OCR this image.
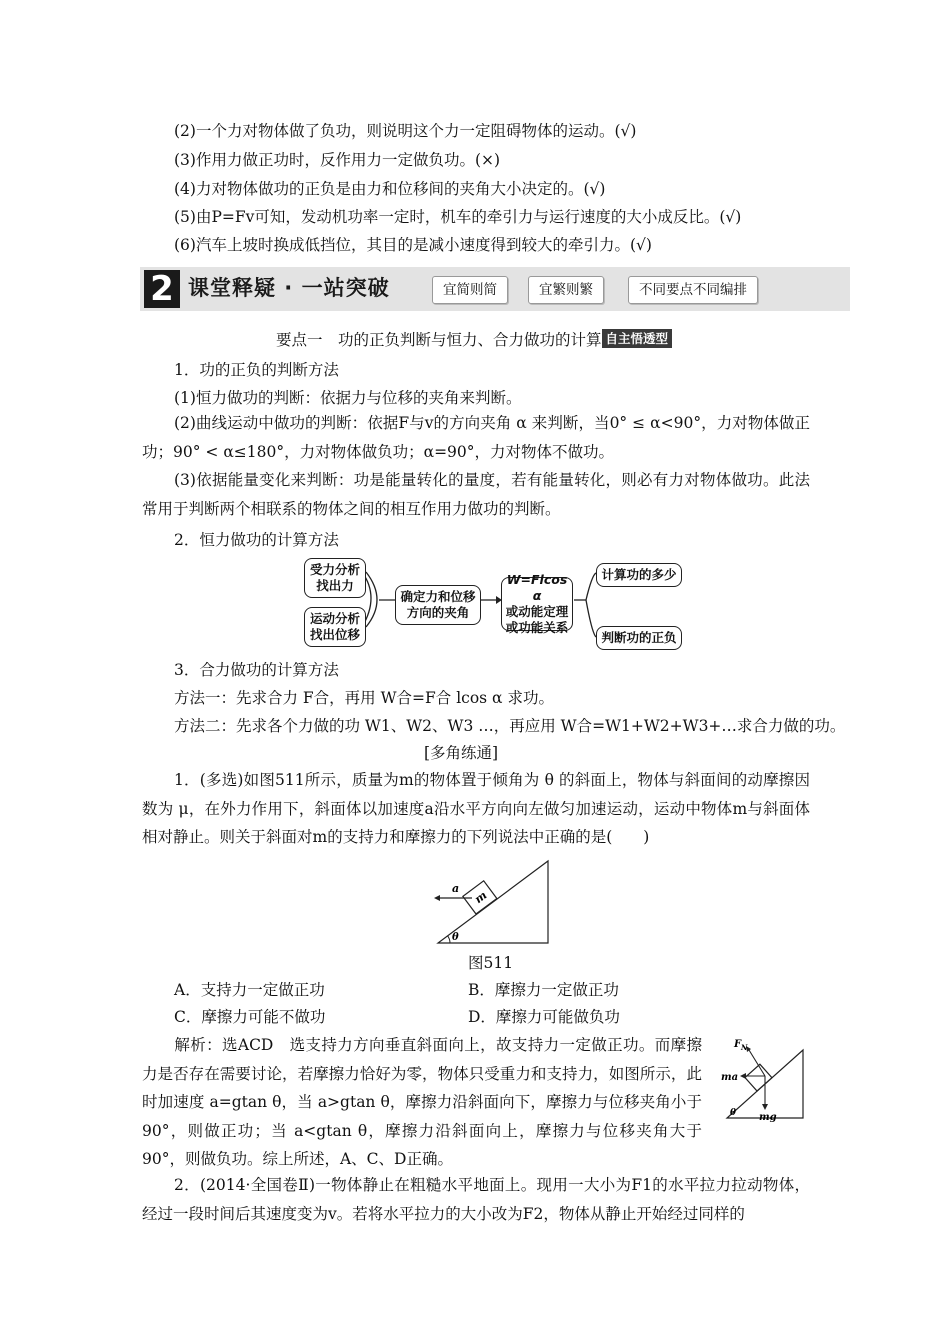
(2)一个力对物体做了负功，则说明这个力一定阻碍物体的运动。(√)
(3)作用力做正功时，反作用力一定做负功。(×)
(4)力对物体做功的正负是由力和位移间的夹角大小决定的。(√)
(5)由P=Fv可知，发动机功率一定时，机车的牵引力与运行速度的大小成反比。(√)
(6)汽车上坡时换成低挡位，其目的是减小速度得到较大的牵引力。(√)
2 课堂释疑 · 一站突破	宜简则简	宜繁则繁	不同要点不同编排
要点一　功的正负判断与恒力、合力做功的计算 自主悟透型
1．功的正负的判断方法
(1)恒力做功的判断：依据力与位移的夹角来判断。
(2)曲线运动中做功的判断：依据F与v的方向夹角 α 来判断，当0° ≤ α<90°，力对物体做正功；90° < α≤180°，力对物体做负功；α=90°，力对物体不做功。
(3)依据能量变化来判断：功是能量转化的量度，若有能量转化，则必有力对物体做功。此法常用于判断两个相联系的物体之间的相互作用力做功的判断。
2．恒力做功的计算方法
受力分析
找出力
运动分析
找出位移
确定力和位移
方向的夹角
W=Flcos α
或动能定理
或功能关系
计算功的多少
判断功的正负
3．合力做功的计算方法
方法一：先求合力 F合，再用 W合=F合 lcos α 求功。
方法二：先求各个力做的功 W1、W2、W3 …，再应用 W合=W1+W2+W3+…求合力做的功。
[多角练通]
1．(多选)如图511所示，质量为m的物体置于倾角为 θ 的斜面上，物体与斜面间的动摩擦因数为 μ，在外力作用下，斜面体以加速度a沿水平方向向左做匀加速运动，运动中物体m与斜面体相对静止。则关于斜面对m的支持力和摩擦力的下列说法中正确的是(　　)
m
a
θ
图511
A．支持力一定做正功	B．摩擦力一定做正功
C．摩擦力可能不做功	D．摩擦力可能做负功
解析：选ACD　选支持力方向垂直斜面向上，故支持力一定做正功。而摩擦力是否存在需要讨论，若摩擦力恰好为零，物体只受重力和支持力，如图所示，此时加速度 a=gtan θ，当 a>gtan θ，摩擦力沿斜面向下，摩擦力与位移夹角小于90°，则做正功；当 a<gtan θ，摩擦力沿斜面向上，摩擦力与位移夹角大于90°，则做负功。综上所述，A、C、D正确。
F N
ma
mg
θ
2．(2014·全国卷Ⅱ)一物体静止在粗糙水平地面上。现用一大小为F1的水平拉力拉动物体，经过一段时间后其速度变为v。若将水平拉力的大小改为F2，物体从静止开始经过同样的
